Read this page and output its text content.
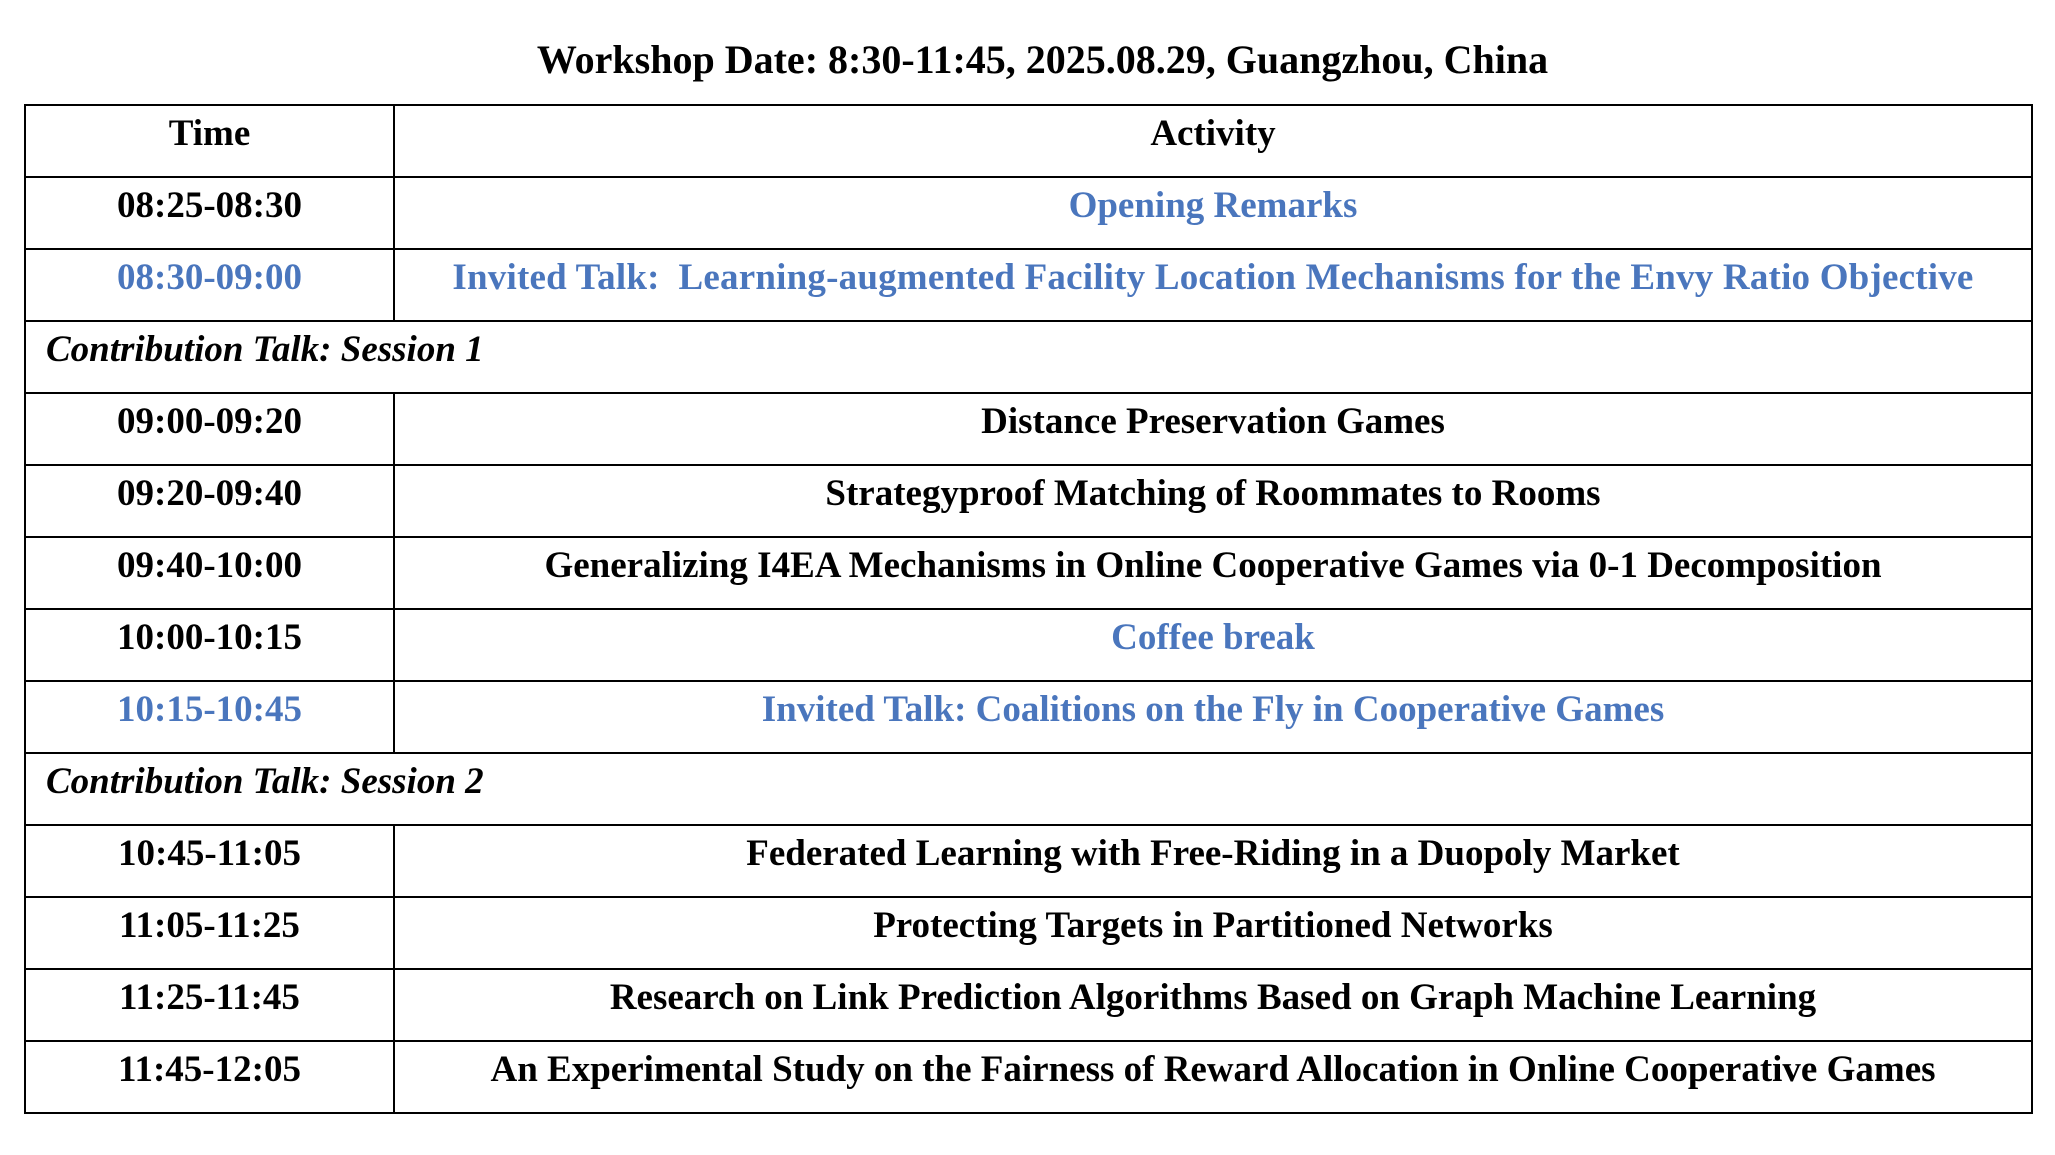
Workshop Date: 8:30-11:45, 2025.08.29, Guangzhou, China
Time	Activity
08:25-08:30	Opening Remarks
08:30-09:00	Invited Talk:  Learning-augmented Facility Location Mechanisms for the Envy Ratio Objective
Contribution Talk: Session 1	
09:00-09:20	Distance Preservation Games
09:20-09:40	Strategyproof Matching of Roommates to Rooms
09:40-10:00	Generalizing I4EA Mechanisms in Online Cooperative Games via 0-1 Decomposition
10:00-10:15	Coffee break
10:15-10:45	Invited Talk: Coalitions on the Fly in Cooperative Games
Contribution Talk: Session 2	
10:45-11:05	Federated Learning with Free-Riding in a Duopoly Market
11:05-11:25	Protecting Targets in Partitioned Networks
11:25-11:45	Research on Link Prediction Algorithms Based on Graph Machine Learning
11:45-12:05	An Experimental Study on the Fairness of Reward Allocation in Online Cooperative Games
